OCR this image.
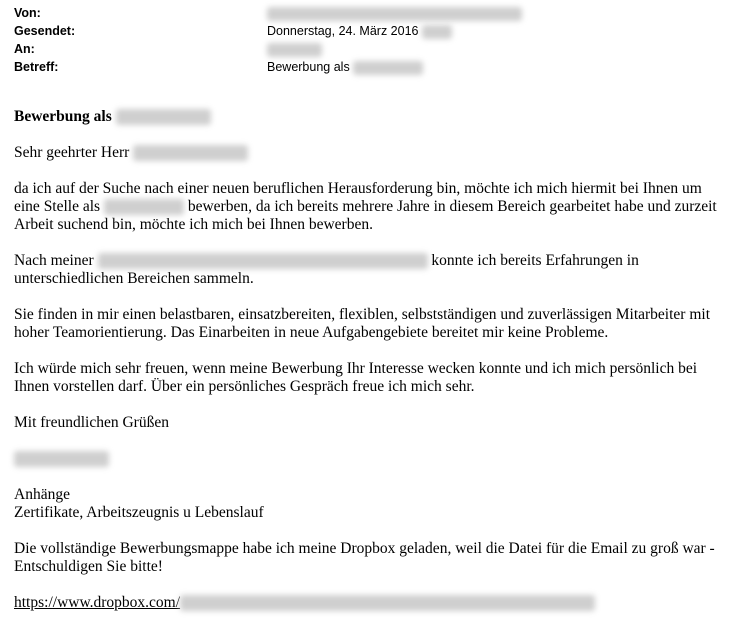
Von:
Gesendet:	Donnerstag, 24. März 2016
An:
Betreff:	Bewerbung als

Bewerbung als

Sehr geehrter Herr

da ich auf der Suche nach einer neuen beruflichen Herausforderung bin, möchte ich mich hiermit bei Ihnen um eine Stelle als	bewerben, da ich bereits mehrere Jahre in diesem Bereich gearbeitet habe und zurzeit Arbeit suchend bin, möchte ich mich bei Ihnen bewerben.

Nach meiner	konnte ich bereits Erfahrungen in unterschiedlichen Bereichen sammeln.

Sie finden in mir einen belastbaren, einsatzbereiten, flexiblen, selbstständigen und zuverlässigen Mitarbeiter mit hoher Teamorientierung. Das Einarbeiten in neue Aufgabengebiete bereitet mir keine Probleme.

Ich würde mich sehr freuen, wenn meine Bewerbung Ihr Interesse wecken konnte und ich mich persönlich bei Ihnen vorstellen darf. Über ein persönliches Gespräch freue ich mich sehr.

Mit freundlichen Grüßen

Anhänge
Zertifikate, Arbeitszeugnis u Lebenslauf

Die vollständige Bewerbungsmappe habe ich meine Dropbox geladen, weil die Datei für die Email zu groß war - Entschuldigen Sie bitte!

https://www.dropbox.com/
